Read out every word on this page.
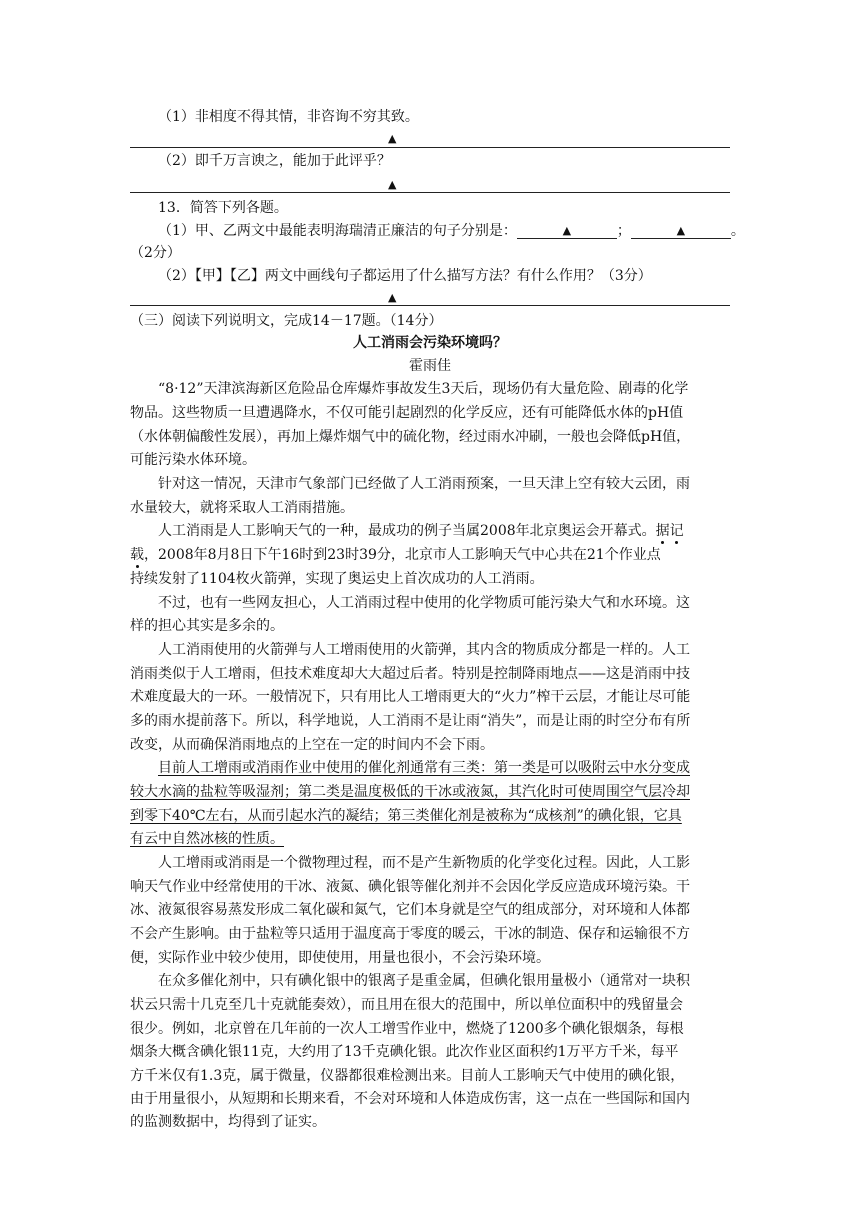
（1）非相度不得其情，非咨询不穷其致。
▲
（2）即千万言谀之，能加于此评乎？
▲
13．简答下列各题。
（1）甲、乙两文中最能表明海瑞清正廉洁的句子分别是：	▲	；	▲	。
（2分）
（2）【甲】【乙】两文中画线句子都运用了什么描写方法？有什么作用？（3分）
▲
（三）阅读下列说明文，完成14－17题。（14分）
人工消雨会污染环境吗？
霍雨佳
“8·12”天津滨海新区危险品仓库爆炸事故发生3天后，现场仍有大量危险、剧毒的化学
物品。这些物质一旦遭遇降水，不仅可能引起剧烈的化学反应，还有可能降低水体的pH值
（水体朝偏酸性发展），再加上爆炸烟气中的硫化物，经过雨水冲刷，一般也会降低pH值，
可能污染水体环境。
针对这一情况，天津市气象部门已经做了人工消雨预案，一旦天津上空有较大云团，雨
水量较大，就将采取人工消雨措施。
人工消雨是人工影响天气的一种，最成功的例子当属2008年北京奥运会开幕式。据记
载，2008年8月8日下午16时到23时39分，北京市人工影响天气中心共在21个作业点
持续发射了1104枚火箭弹，实现了奥运史上首次成功的人工消雨。
不过，也有一些网友担心，人工消雨过程中使用的化学物质可能污染大气和水环境。这
样的担心其实是多余的。
人工消雨使用的火箭弹与人工增雨使用的火箭弹，其内含的物质成分都是一样的。人工
消雨类似于人工增雨，但技术难度却大大超过后者。特别是控制降雨地点——这是消雨中技
术难度最大的一环。一般情况下，只有用比人工增雨更大的“火力”榨干云层，才能让尽可能
多的雨水提前落下。所以，科学地说，人工消雨不是让雨“消失”，而是让雨的时空分布有所
改变，从而确保消雨地点的上空在一定的时间内不会下雨。
目前人工增雨或消雨作业中使用的催化剂通常有三类：第一类是可以吸附云中水分变成
较大水滴的盐粒等吸湿剂；第二类是温度极低的干冰或液氮，其汽化时可使周围空气层冷却
到零下40℃左右，从而引起水汽的凝结；第三类催化剂是被称为“成核剂”的碘化银，它具
有云中自然冰核的性质。
人工增雨或消雨是一个微物理过程，而不是产生新物质的化学变化过程。因此，人工影
响天气作业中经常使用的干冰、液氮、碘化银等催化剂并不会因化学反应造成环境污染。干
冰、液氮很容易蒸发形成二氧化碳和氮气，它们本身就是空气的组成部分，对环境和人体都
不会产生影响。由于盐粒等只适用于温度高于零度的暖云，干冰的制造、保存和运输很不方
便，实际作业中较少使用，即使使用，用量也很小，不会污染环境。
在众多催化剂中，只有碘化银中的银离子是重金属，但碘化银用量极小（通常对一块积
状云只需十几克至几十克就能奏效），而且用在很大的范围中，所以单位面积中的残留量会
很少。例如，北京曾在几年前的一次人工增雪作业中，燃烧了1200多个碘化银烟条，每根
烟条大概含碘化银11克，大约用了13千克碘化银。此次作业区面积约1万平方千米，每平
方千米仅有1.3克，属于微量，仪器都很难检测出来。目前人工影响天气中使用的碘化银，
由于用量很小，从短期和长期来看，不会对环境和人体造成伤害，这一点在一些国际和国内
的监测数据中，均得到了证实。
